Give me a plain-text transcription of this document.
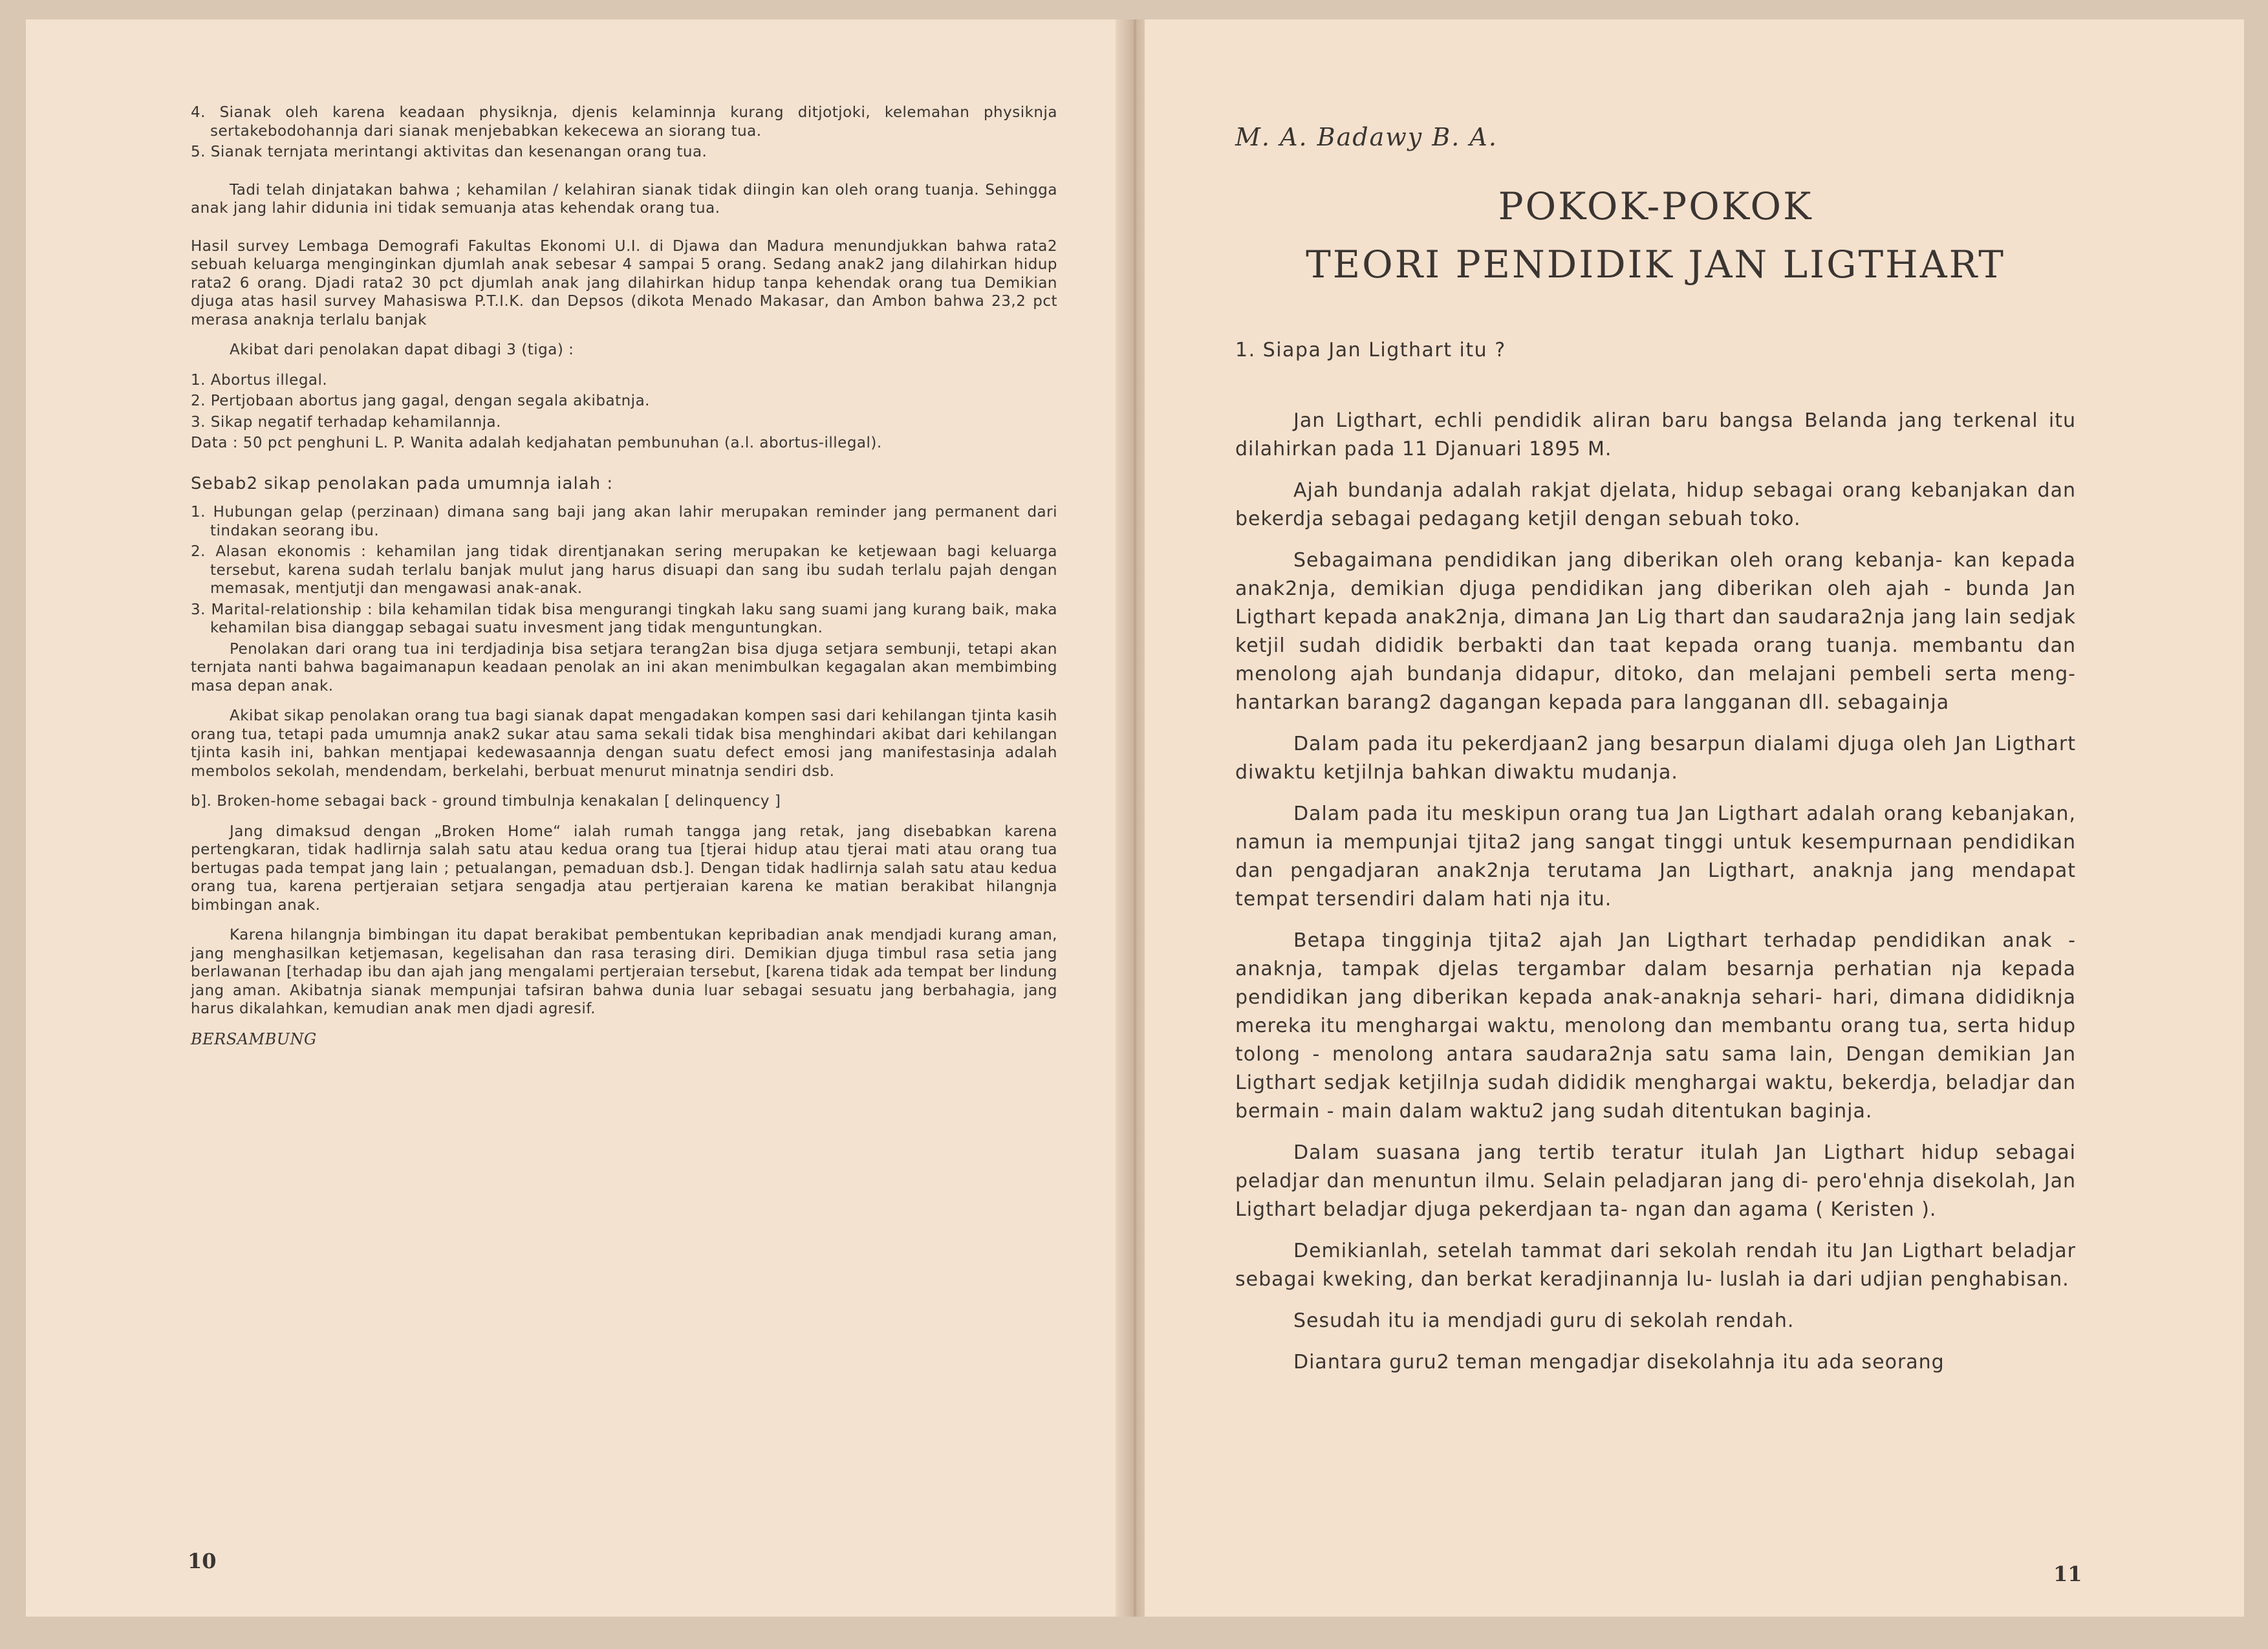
4. Sianak oleh karena keadaan physiknja, djenis kelaminnja kurang ditjotjoki, kelemahan physiknja sertakebodohannja dari sianak menjebabkan kekecewa an siorang tua.

5. Sianak ternjata merintangi aktivitas dan kesenangan orang tua.

Tadi telah dinjatakan bahwa ; kehamilan / kelahiran sianak tidak diingin kan oleh orang tuanja. Sehingga anak jang lahir didunia ini tidak semuanja atas kehendak orang tua.

Hasil survey Lembaga Demografi Fakultas Ekonomi U.I. di Djawa dan Madura menundjukkan bahwa rata2 sebuah keluarga menginginkan djumlah anak sebesar 4 sampai 5 orang. Sedang anak2 jang dilahirkan hidup rata2 6 orang. Djadi rata2 30 pct djumlah anak jang dilahirkan hidup tanpa kehendak orang tua Demikian djuga atas hasil survey Mahasiswa P.T.I.K. dan Depsos (dikota Menado Makasar, dan Ambon bahwa 23,2 pct merasa anaknja terlalu banjak

Akibat dari penolakan dapat dibagi 3 (tiga) :

1. Abortus illegal.

2. Pertjobaan abortus jang gagal, dengan segala akibatnja.

3. Sikap negatif terhadap kehamilannja.

Data : 50 pct penghuni L. P. Wanita adalah kedjahatan pembunuhan (a.l. abortus-illegal).

Sebab2 sikap penolakan pada umumnja ialah :

1. Hubungan gelap (perzinaan) dimana sang baji jang akan lahir merupakan reminder jang permanent dari tindakan seorang ibu.

2. Alasan ekonomis : kehamilan jang tidak direntjanakan sering merupakan ke ketjewaan bagi keluarga tersebut, karena sudah terlalu banjak mulut jang harus disuapi dan sang ibu sudah terlalu pajah dengan memasak, mentjutji dan mengawasi anak-anak.

3. Marital-relationship : bila kehamilan tidak bisa mengurangi tingkah laku sang suami jang kurang baik, maka kehamilan bisa dianggap sebagai suatu invesment jang tidak menguntungkan.

Penolakan dari orang tua ini terdjadinja bisa setjara terang2an bisa djuga setjara sembunji, tetapi akan ternjata nanti bahwa bagaimanapun keadaan penolak an ini akan menimbulkan kegagalan akan membimbing masa depan anak.

Akibat sikap penolakan orang tua bagi sianak dapat mengadakan kompen sasi dari kehilangan tjinta kasih orang tua, tetapi pada umumnja anak2 sukar atau sama sekali tidak bisa menghindari akibat dari kehilangan tjinta kasih ini, bahkan mentjapai kedewasaannja dengan suatu defect emosi jang manifestasinja adalah membolos sekolah, mendendam, berkelahi, berbuat menurut minatnja sendiri dsb.

b]. Broken-home sebagai back - ground timbulnja kenakalan [ delinquency ]

Jang dimaksud dengan „Broken Home“ ialah rumah tangga jang retak, jang disebabkan karena pertengkaran, tidak hadlirnja salah satu atau kedua orang tua [tjerai hidup atau tjerai mati atau orang tua bertugas pada tempat jang lain ; petualangan, pemaduan dsb.]. Dengan tidak hadlirnja salah satu atau kedua orang tua, karena pertjeraian setjara sengadja atau pertjeraian karena ke matian berakibat hilangnja bimbingan anak.

Karena hilangnja bimbingan itu dapat berakibat pembentukan kepribadian anak mendjadi kurang aman, jang menghasilkan ketjemasan, kegelisahan dan rasa terasing diri. Demikian djuga timbul rasa setia jang berlawanan [terhadap ibu dan ajah jang mengalami pertjeraian tersebut, [karena tidak ada tempat ber lindung jang aman. Akibatnja sianak mempunjai tafsiran bahwa dunia luar sebagai sesuatu jang berbahagia, jang harus dikalahkan, kemudian anak men djadi agresif.

BERSAMBUNG

10
M. A. Badawy B. A.
POKOK-POKOK
TEORI PENDIDIK JAN LIGTHART
1. Siapa Jan Ligthart itu ?

Jan Ligthart, echli pendidik aliran baru bangsa Belanda jang terkenal itu dilahirkan pada 11 Djanuari 1895 M.

Ajah bundanja adalah rakjat djelata, hidup sebagai orang kebanjakan dan bekerdja sebagai pedagang ketjil dengan sebuah toko.

Sebagaimana pendidikan jang diberikan oleh orang kebanja- kan kepada anak2nja, demikian djuga pendidikan jang diberikan oleh ajah - bunda Jan Ligthart kepada anak2nja, dimana Jan Lig thart dan saudara2nja jang lain sedjak ketjil sudah dididik berbakti dan taat kepada orang tuanja. membantu dan menolong ajah bundanja didapur, ditoko, dan melajani pembeli serta meng- hantarkan barang2 dagangan kepada para langganan dll. sebagainja

Dalam pada itu pekerdjaan2 jang besarpun dialami djuga oleh Jan Ligthart diwaktu ketjilnja bahkan diwaktu mudanja.

Dalam pada itu meskipun orang tua Jan Ligthart adalah orang kebanjakan, namun ia mempunjai tjita2 jang sangat tinggi untuk kesempurnaan pendidikan dan pengadjaran anak2nja terutama Jan Ligthart, anaknja jang mendapat tempat tersendiri dalam hati nja itu.

Betapa tingginja tjita2 ajah Jan Ligthart terhadap pendidikan anak - anaknja, tampak djelas tergambar dalam besarnja perhatian nja kepada pendidikan jang diberikan kepada anak-anaknja sehari- hari, dimana dididiknja mereka itu menghargai waktu, menolong dan membantu orang tua, serta hidup tolong - menolong antara saudara2nja satu sama lain, Dengan demikian Jan Ligthart sedjak ketjilnja sudah dididik menghargai waktu, bekerdja, beladjar dan bermain - main dalam waktu2 jang sudah ditentukan baginja.

Dalam suasana jang tertib teratur itulah Jan Ligthart hidup sebagai peladjar dan menuntun ilmu. Selain peladjaran jang di- pero'ehnja disekolah, Jan Ligthart beladjar djuga pekerdjaan ta- ngan dan agama ( Keristen ).

Demikianlah, setelah tammat dari sekolah rendah itu Jan Ligthart beladjar sebagai kweking, dan berkat keradjinannja lu- luslah ia dari udjian penghabisan.

Sesudah itu ia mendjadi guru di sekolah rendah.

Diantara guru2 teman mengadjar disekolahnja itu ada seorang

11
